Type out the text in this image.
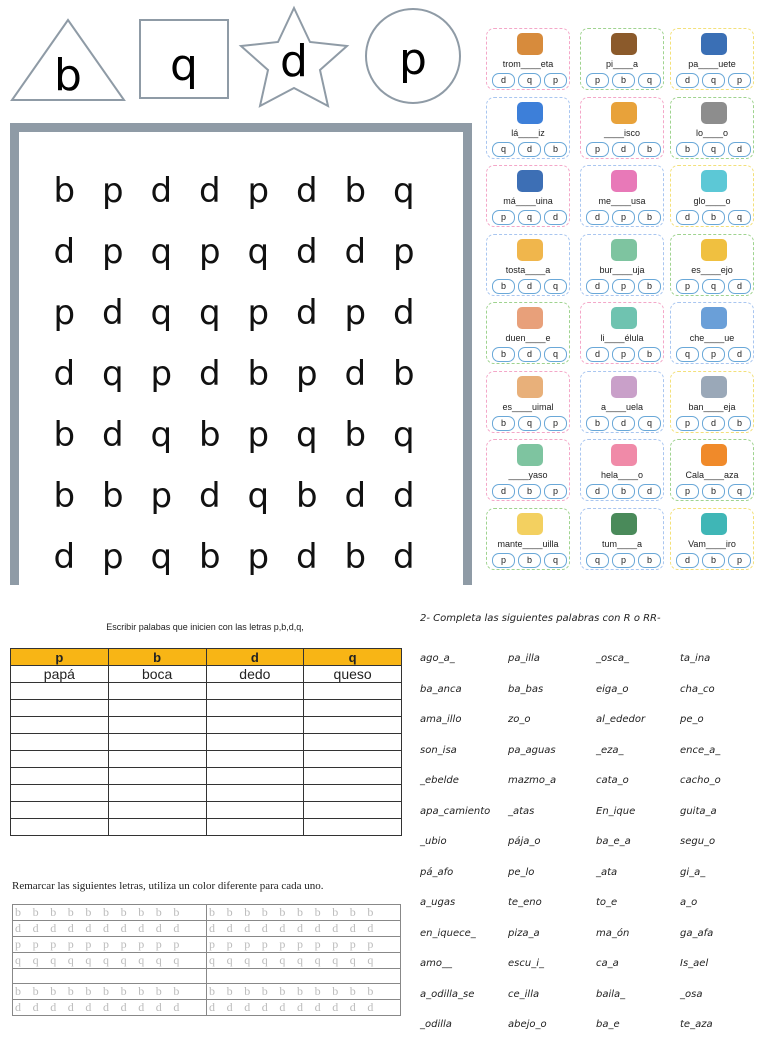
b q d p
b p d d p d b q
d p q p q d d p
p d q q p d p d
d q p d b p d b
b d q b p q b q
b b p d q b d d
d p q b p d b d
trom____eta
d	q	p
pi____a
p	b	q
pa____uete
d	q	p
lá____iz
q	d	b
____isco
p	d	b
lo____o
b	q	d
má____uina
p	q	d
me____usa
d	p	b
glo____o
d	b	q
tosta____a
b	d	q
bur____uja
d	p	b
es____ejo
p	q	d
duen____e
b	d	q
li____élula
d	p	b
che____ue
q	p	d
es____uimal
b	q	p
a____uela
b	d	q
ban____eja
p	d	b
____yaso
d	b	p
hela____o
d	b	d
Cala____aza
p	b	q
mante____uilla
p	b	q
tum____a
q	p	b
Vam____iro
d	b	p
Escribir palabas que inicien con las letras p,b,d,q,
p	b	d	q
papá	boca	dedo	queso

Remarcar las siguientes letras, utiliza un color diferente para cada uno.
b b b b b b b b b b	b b b b b b b b b b
d d d d d d d d d d	d d d d d d d d d d
p p p p p p p p p p	p p p p p p p p p p
q q q q q q q q q q	q q q q q q q q q q

b b b b b b b b b b	b b b b b b b b b b
d d d d d d d d d d	d d d d d d d d d d
2- Completa las siguientes palabras con R o RR-
ago_a_	pa_illa	_osca_	ta_ina
ba_anca	ba_bas	eiga_o	cha_co
ama_illo	zo_o	al_ededor	pe_o
son_isa	pa_aguas	_eza_	ence_a_
_ebelde	mazmo_a	cata_o	cacho_o
apa_camiento	_atas	En_ique	guita_a
_ubio	pája_o	ba_e_a	segu_o
pá_afo	pe_lo	_ata	gi_a_
a_ugas	te_eno	to_e	a_o
en_iquece_	piza_a	ma_ón	ga_afa
amo__	escu_i_	ca_a	Is_ael
a_odilla_se	ce_illa	baila_	_osa
_odilla	abejo_o	ba_e	te_aza
